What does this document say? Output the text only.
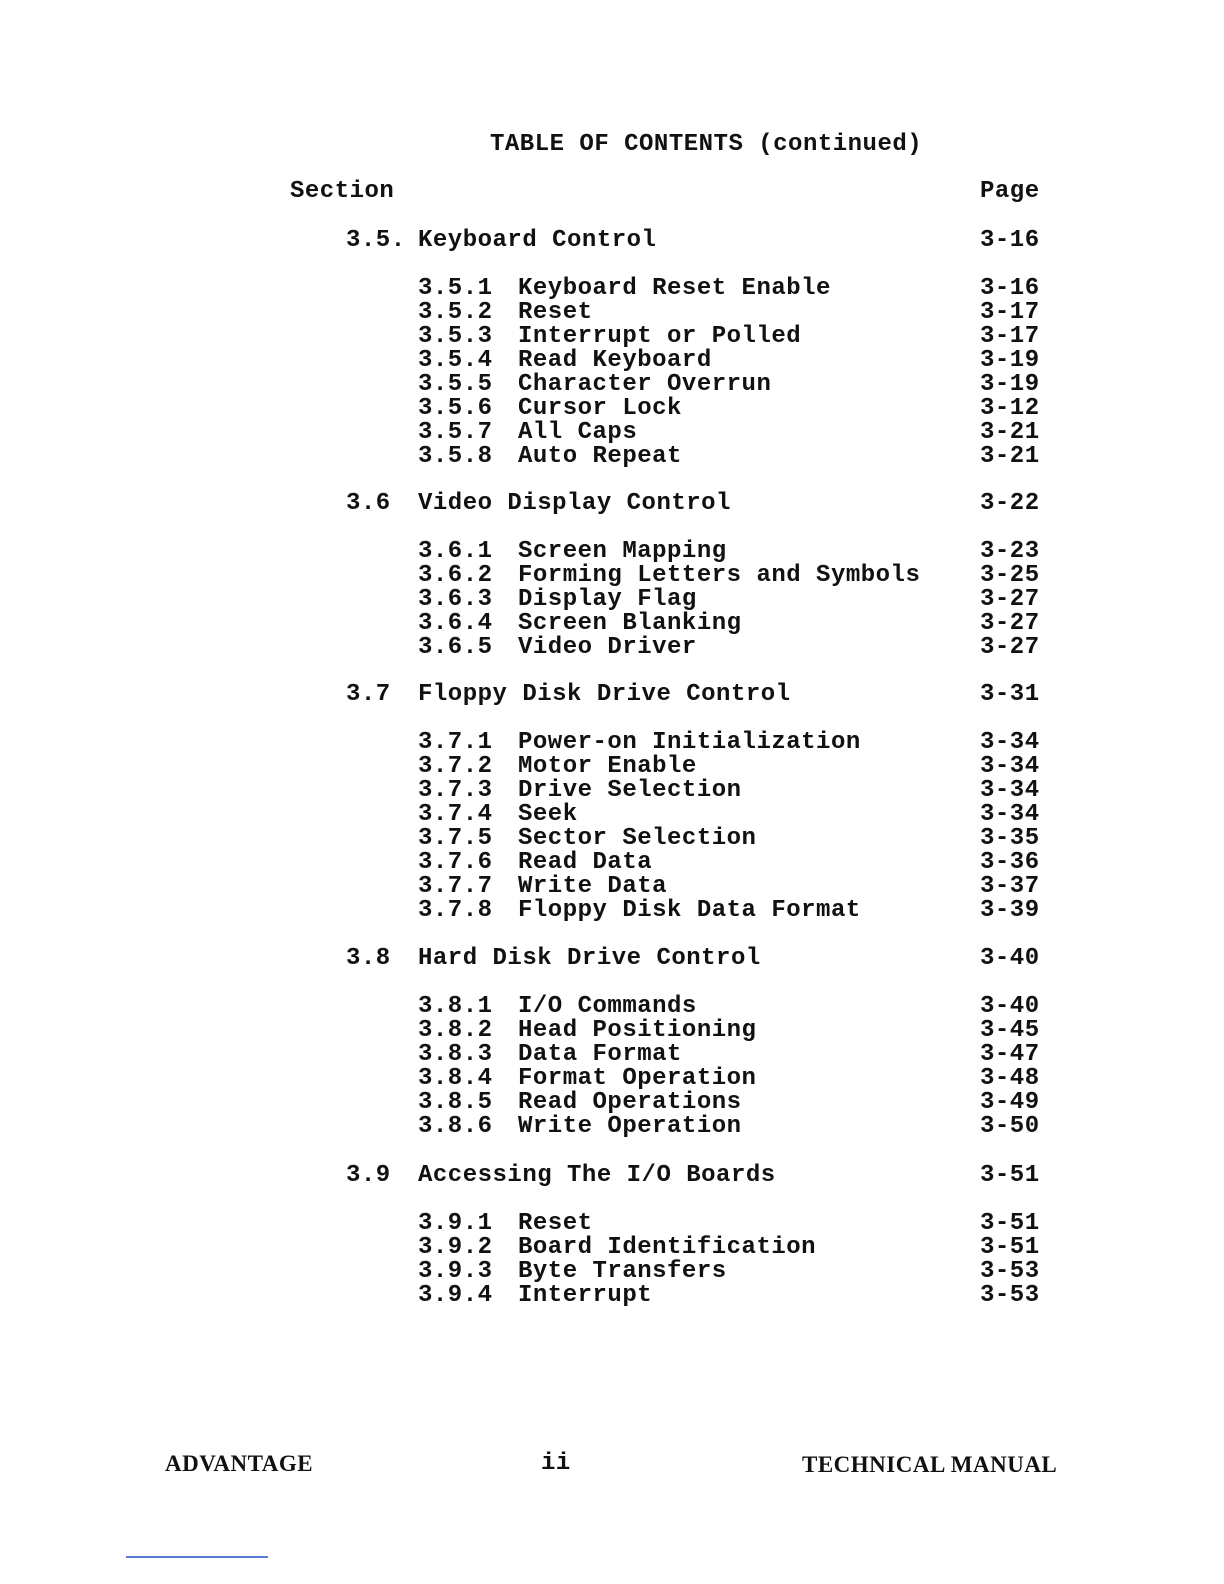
TABLE OF CONTENTS (continued)
Section	Page
3.5. Keyboard Control	3-16
3.5.1 Keyboard Reset Enable	3-16
3.5.2 Reset	3-17
3.5.3 Interrupt or Polled	3-17
3.5.4 Read Keyboard	3-19
3.5.5 Character Overrun	3-19
3.5.6 Cursor Lock	3-12
3.5.7 All Caps	3-21
3.5.8 Auto Repeat	3-21
3.6 Video Display Control	3-22
3.6.1 Screen Mapping	3-23
3.6.2 Forming Letters and Symbols 3-25
3.6.3 Display Flag	3-27
3.6.4 Screen Blanking	3-27
3.6.5 Video Driver	3-27
3.7 Floppy Disk Drive Control	3-31
3.7.1 Power-on Initialization	3-34
3.7.2 Motor Enable	3-34
3.7.3 Drive Selection	3-34
3.7.4 Seek	3-34
3.7.5 Sector Selection	3-35
3.7.6 Read Data	3-36
3.7.7 Write Data	3-37
3.7.8 Floppy Disk Data Format	3-39
3.8 Hard Disk Drive Control	3-40
3.8.1 I/O Commands	3-40
3.8.2 Head Positioning	3-45
3.8.3 Data Format	3-47
3.8.4 Format Operation	3-48
3.8.5 Read Operations	3-49
3.8.6 Write Operation	3-50
3.9 Accessing The I/O Boards	3-51
3.9.1 Reset	3-51
3.9.2 Board Identification	3-51
3.9.3 Byte Transfers	3-53
3.9.4 Interrupt	3-53
ADVANTAGE	ii	TECHNICAL MANUAL
